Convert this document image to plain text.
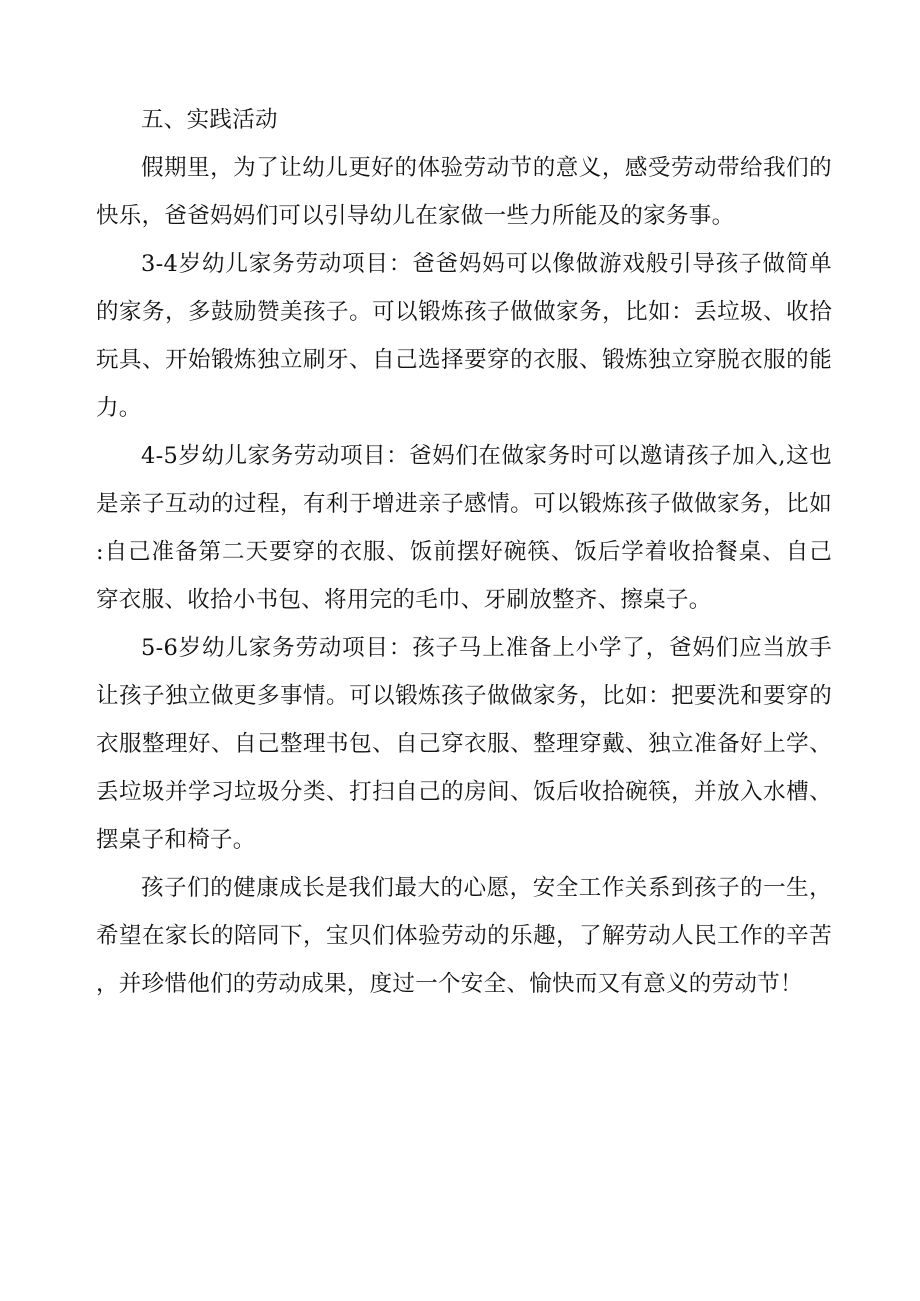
五、实践活动

假期里，为了让幼儿更好的体验劳动节的意义，感受劳动带给我们的快乐，爸爸妈妈们可以引导幼儿在家做一些力所能及的家务事。

3-4岁幼儿家务劳动项目：爸爸妈妈可以像做游戏般引导孩子做简单的家务，多鼓励赞美孩子。可以锻炼孩子做做家务，比如：丢垃圾、收拾玩具、开始锻炼独立刷牙、自己选择要穿的衣服、锻炼独立穿脱衣服的能力。

4-5岁幼儿家务劳动项目：爸妈们在做家务时可以邀请孩子加入,这也是亲子互动的过程，有利于增进亲子感情。可以锻炼孩子做做家务，比如:自己准备第二天要穿的衣服、饭前摆好碗筷、饭后学着收拾餐桌、自己穿衣服、收拾小书包、将用完的毛巾、牙刷放整齐、擦桌子。

5-6岁幼儿家务劳动项目：孩子马上准备上小学了，爸妈们应当放手让孩子独立做更多事情。可以锻炼孩子做做家务，比如：把要洗和要穿的衣服整理好、自己整理书包、自己穿衣服、整理穿戴、独立准备好上学、丢垃圾并学习垃圾分类、打扫自己的房间、饭后收拾碗筷，并放入水槽、摆桌子和椅子。

孩子们的健康成长是我们最大的心愿，安全工作关系到孩子的一生，希望在家长的陪同下，宝贝们体验劳动的乐趣，了解劳动人民工作的辛苦，并珍惜他们的劳动成果，度过一个安全、愉快而又有意义的劳动节！
